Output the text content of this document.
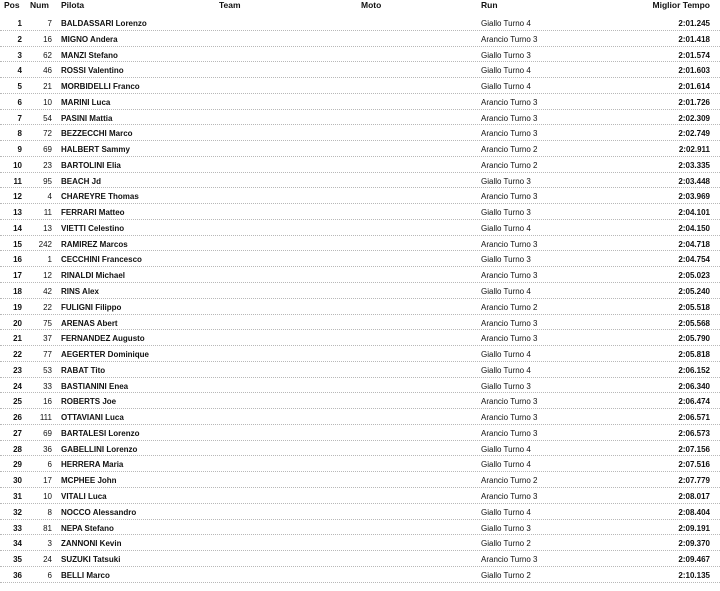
Pos Num Pilota	Team	Moto	Run	Miglior Tempo
1	7 BALDASSARI Lorenzo	Giallo Turno 4	2:01.245
2	16 MIGNO Andera	Arancio Turno 3	2:01.418
3	62 MANZI Stefano	Giallo Turno 3	2:01.574
4	46 ROSSI Valentino	Giallo Turno 4	2:01.603
5	21 MORBIDELLI Franco	Giallo Turno 4	2:01.614
6	10 MARINI Luca	Arancio Turno 3	2:01.726
7	54 PASINI Mattia	Arancio Turno 3	2:02.309
8	72 BEZZECCHI Marco	Arancio Turno 3	2:02.749
9	69 HALBERT Sammy	Arancio Turno 2	2:02.911
10	23 BARTOLINI Elia	Arancio Turno 2	2:03.335
11	95 BEACH Jd	Giallo Turno 3	2:03.448
12	4 CHAREYRE Thomas	Arancio Turno 3	2:03.969
13	11 FERRARI Matteo	Giallo Turno 3	2:04.101
14	13 VIETTI Celestino	Giallo Turno 4	2:04.150
15	242 RAMIREZ Marcos	Arancio Turno 3	2:04.718
16	1 CECCHINI Francesco	Giallo Turno 3	2:04.754
17	12 RINALDI Michael	Arancio Turno 3	2:05.023
18	42 RINS Alex	Giallo Turno 4	2:05.240
19	22 FULIGNI Filippo	Arancio Turno 2	2:05.518
20	75 ARENAS Abert	Arancio Turno 3	2:05.568
21	37 FERNANDEZ Augusto	Arancio Turno 3	2:05.790
22	77 AEGERTER Dominique	Giallo Turno 4	2:05.818
23	53 RABAT Tito	Giallo Turno 4	2:06.152
24	33 BASTIANINI Enea	Giallo Turno 3	2:06.340
25	16 ROBERTS Joe	Arancio Turno 3	2:06.474
26	111 OTTAVIANI Luca	Arancio Turno 3	2:06.571
27	69 BARTALESI Lorenzo	Arancio Turno 3	2:06.573
28	36 GABELLINI Lorenzo	Giallo Turno 4	2:07.156
29	6 HERRERA Maria	Giallo Turno 4	2:07.516
30	17 MCPHEE John	Arancio Turno 2	2:07.779
31	10 VITALI Luca	Arancio Turno 3	2:08.017
32	8 NOCCO Alessandro	Giallo Turno 4	2:08.404
33	81 NEPA Stefano	Giallo Turno 3	2:09.191
34	3 ZANNONI Kevin	Giallo Turno 2	2:09.370
35	24 SUZUKI Tatsuki	Arancio Turno 3	2:09.467
36	6 BELLI Marco	Giallo Turno 2	2:10.135
